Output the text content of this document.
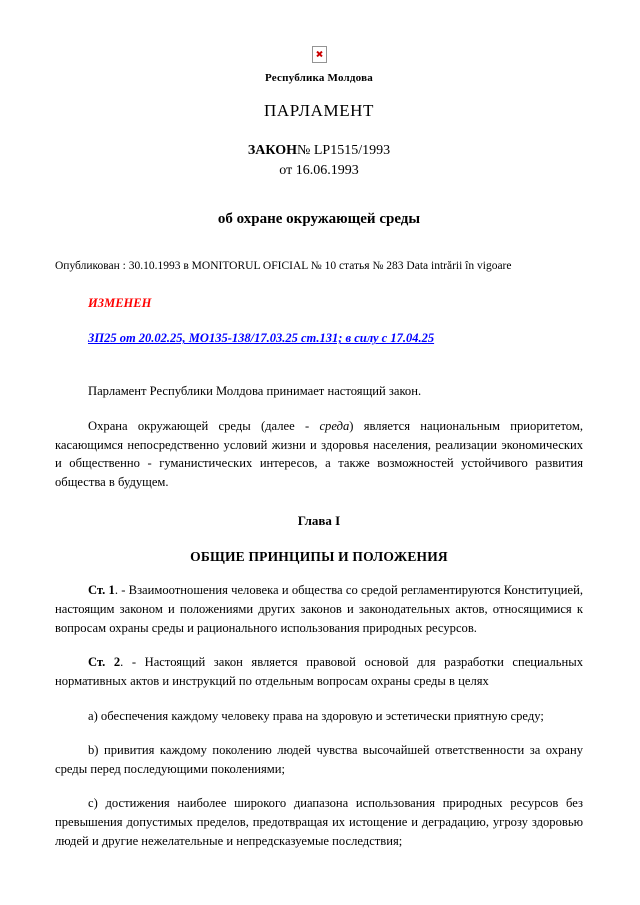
Республика Молдова
ПАРЛАМЕНТ
ЗАКОН№ LP1515/1993
от 16.06.1993
об охране окружающей среды
Опубликован : 30.10.1993 в MONITORUL OFICIAL № 10 статья № 283 Data intrării în vigoare
ИЗМЕНЕН
ЗП25 от 20.02.25, MO135-138/17.03.25 ст.131; в силу с 17.04.25

Парламент Республики Молдова принимает настоящий закон.

Охрана окружающей среды (далее - среда) является национальным приоритетом, касающимся непосредственно условий жизни и здоровья населения, реализации экономических и общественно - гуманистических интересов, а также возможностей устойчивого развития общества в будущем.

Глава I
ОБЩИЕ ПРИНЦИПЫ И ПОЛОЖЕНИЯ

Ст. 1. - Взаимоотношения человека и общества со средой регламентируются Конституцией, настоящим законом и положениями других законов и законодательных актов, относящимися к вопросам охраны среды и рационального использования природных ресурсов.

Ст. 2. - Настоящий закон является правовой основой для разработки специальных нормативных актов и инструкций по отдельным вопросам охраны среды в целях

a) обеспечения каждому человеку права на здоровую и эстетически приятную среду;

b) привития каждому поколению людей чувства высочайшей ответственности за охрану среды перед последующими поколениями;

c) достижения наиболее широкого диапазона использования природных ресурсов без превышения допустимых пределов, предотвращая их истощение и деградацию, угрозу здоровью людей и другие нежелательные и непредсказуемые последствия;
